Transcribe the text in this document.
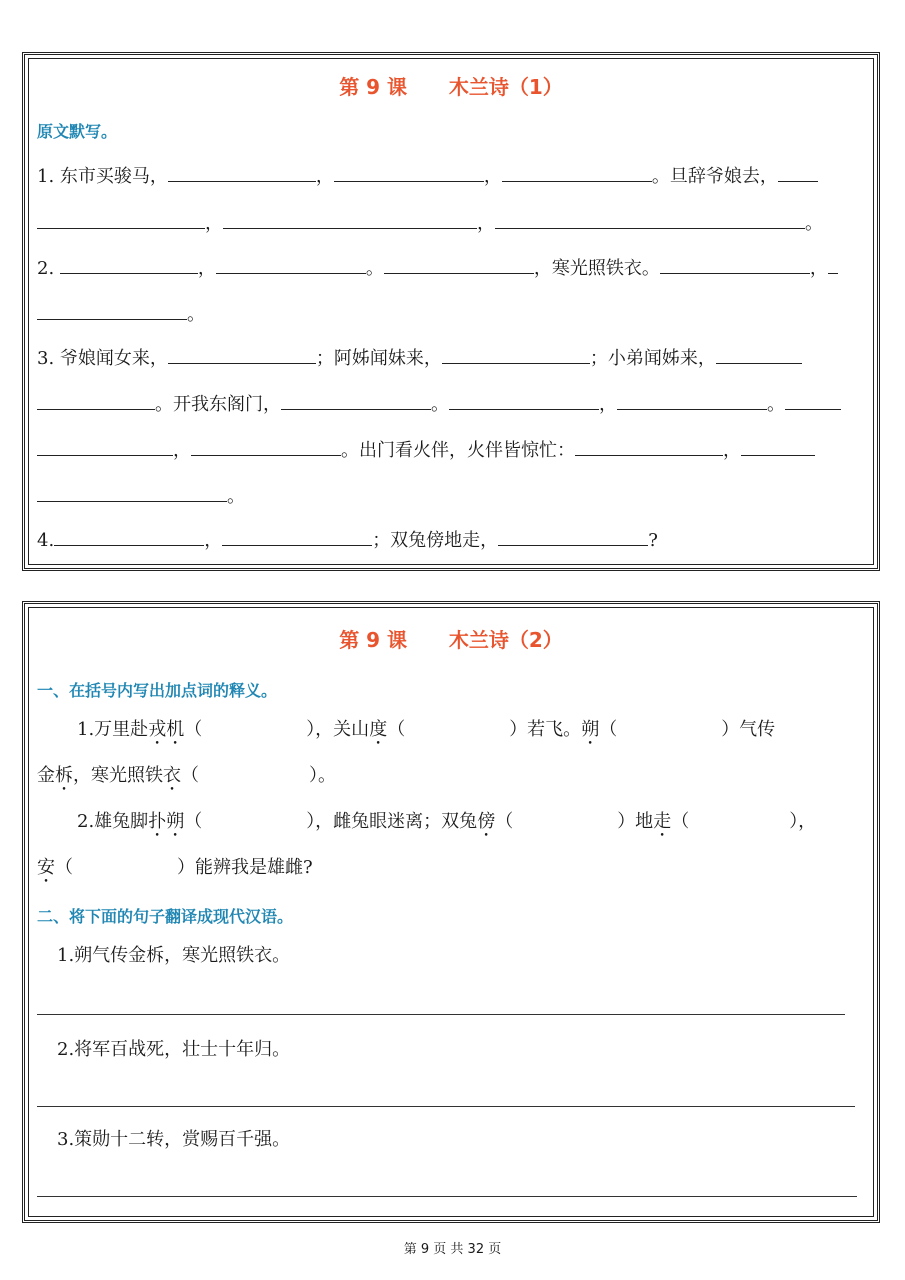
第 9 课      木兰诗（1）
原文默写。
1. 东市买骏马，	，	，	。旦辞爷娘去，
，	，	。
2.	，	。	，寒光照铁衣。	，
。
3. 爷娘闻女来，	；阿姊闻妹来，	；小弟闻姊来，
。开我东阁门，	。	，	。
，	。出门看火伴，火伴皆惊忙：	，
。
4.	，	；双兔傍地走，	?
第 9 课      木兰诗（2）
一、在括号内写出加点词的释义。
1.万里赴戎机（	），关山度（	）若飞。朔（	）气传
金柝，寒光照铁衣（	）。
2.雄兔脚扑朔（	），雌兔眼迷离；双兔傍（	）地走（	），
安（	）能辨我是雄雌?
二、将下面的句子翻译成现代汉语。
1.朔气传金柝，寒光照铁衣。
2.将军百战死，壮士十年归。
3.策勋十二转，赏赐百千强。
第 9 页 共 32 页
